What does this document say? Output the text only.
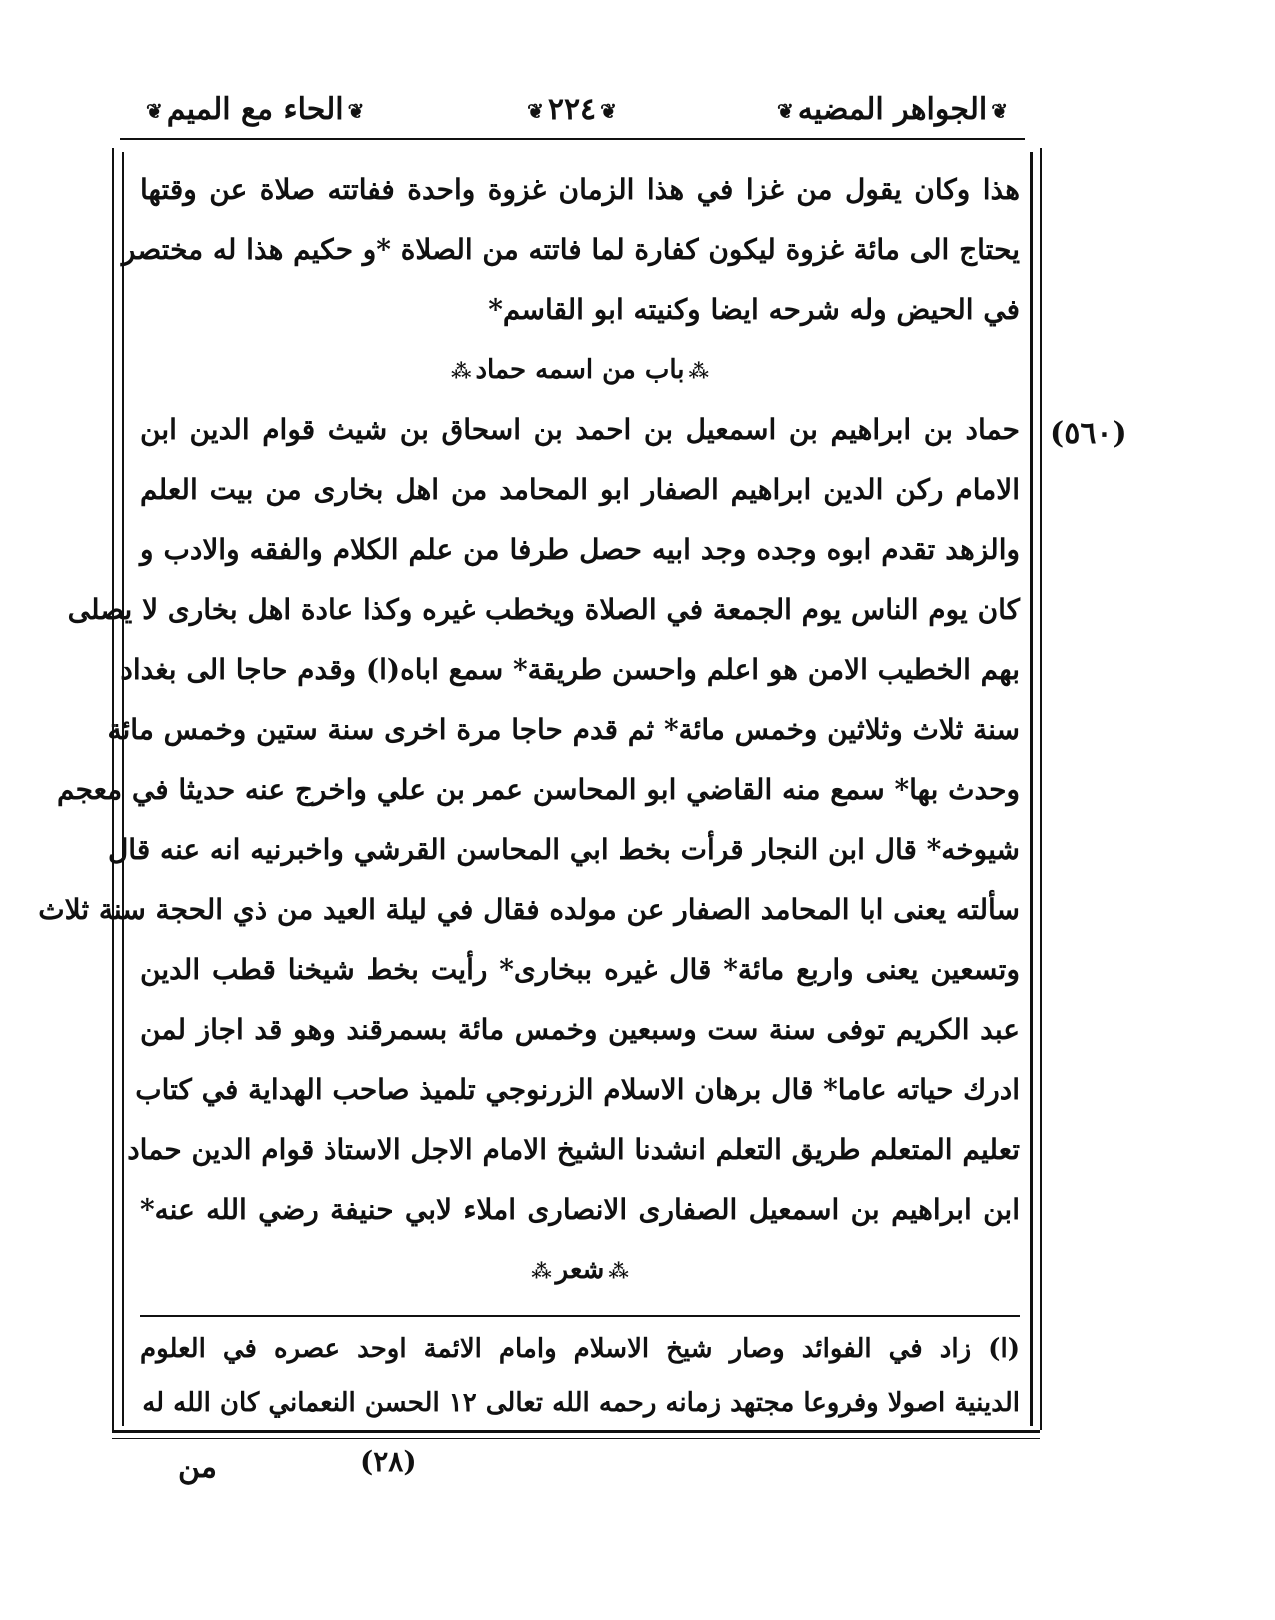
❦الجواهر المضيه❦
❦٢٢٤❦
❦الحاء مع الميم❦
(٥٦٠)
هذا وكان يقول من غزا في هذا الزمان غزوة واحدة ففاتته صلاة عن وقتها
يحتاج الى مائة غزوة ليكون كفارة لما فاتته من الصلاة *و حكيم هذا له مختصر
في الحيض وله شرحه ايضا وكنيته ابو القاسم*
⁂باب من اسمه حماد⁂
حماد بن ابراهيم بن اسمعيل بن احمد بن اسحاق بن شيث قوام الدين ابن
الامام ركن الدين ابراهيم الصفار ابو المحامد من اهل بخارى من بيت العلم
والزهد تقدم ابوه وجده وجد ابيه حصل طرفا من علم الكلام والفقه والادب و
كان يوم الناس يوم الجمعة في الصلاة ويخطب غيره وكذا عادة اهل بخارى لا يصلى
بهم الخطيب الامن هو اعلم واحسن طريقة* سمع اباه(ا) وقدم حاجا الى بغداد
سنة ثلاث وثلاثين وخمس مائة* ثم قدم حاجا مرة اخرى سنة ستين وخمس مائة
وحدث بها* سمع منه القاضي ابو المحاسن عمر بن علي واخرج عنه حديثا في معجم
شيوخه* قال ابن النجار قرأت بخط ابي المحاسن القرشي واخبرنيه انه عنه قال
سألته يعنى ابا المحامد الصفار عن مولده فقال في ليلة العيد من ذي الحجة سنة ثلاث
وتسعين يعنى واربع مائة* قال غيره ببخارى* رأيت بخط شيخنا قطب الدين
عبد الكريم توفى سنة ست وسبعين وخمس مائة بسمرقند وهو قد اجاز لمن
ادرك حياته عاما* قال برهان الاسلام الزرنوجي تلميذ صاحب الهداية في كتاب
تعليم المتعلم طريق التعلم انشدنا الشيخ الامام الاجل الاستاذ قوام الدين حماد
ابن ابراهيم بن اسمعيل الصفارى الانصارى املاء لابي حنيفة رضي الله عنه*
⁂شعر⁂
(ا) زاد في الفوائد وصار شيخ الاسلام وامام الائمة اوحد عصره في العلوم
الدينية اصولا وفروعا مجتهد زمانه رحمه الله تعالى ١٢ الحسن النعماني كان الله له
(٢٨)
من
